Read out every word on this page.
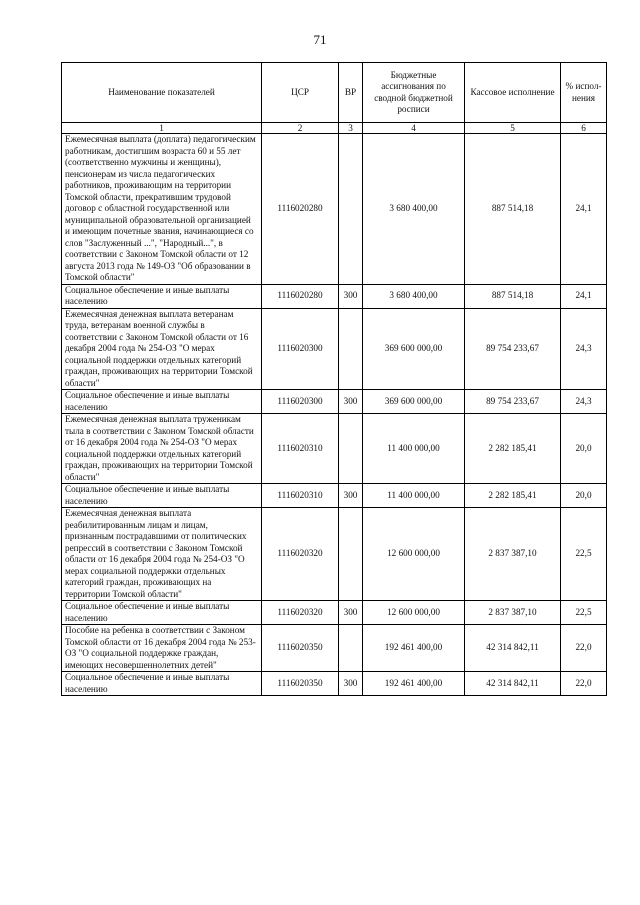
71
Наименование показателей	ЦСР	ВР	Бюджетные ассигнования по сводной бюджетной росписи	Кассовое исполнение	% испол-нения
1	2	3	4	5	6
Ежемесячная выплата (доплата) педагогическим работникам, достигшим возраста 60 и 55 лет (соответственно мужчины и женщины), пенсионерам из числа педагогических работников, проживающим на территории Томской области, прекратившим трудовой договор с областной государственной или муниципальной образовательной организацией и имеющим почетные звания, начинающиеся со слов "Заслуженный ...", "Народный...", в соответствии с Законом Томской области от 12 августа 2013 года № 149-ОЗ "Об образовании в Томской области"	1116020280		3 680 400,00	887 514,18	24,1
Социальное обеспечение и иные выплаты населению	1116020280	300	3 680 400,00	887 514,18	24,1
Ежемесячная денежная выплата ветеранам труда, ветеранам военной службы в соответствии с Законом Томской области от 16 декабря 2004 года № 254-ОЗ "О мерах социальной поддержки отдельных категорий граждан, проживающих на территории Томской области"	1116020300		369 600 000,00	89 754 233,67	24,3
Социальное обеспечение и иные выплаты населению	1116020300	300	369 600 000,00	89 754 233,67	24,3
Ежемесячная денежная выплата труженикам тыла в соответствии с Законом Томской области от 16 декабря 2004 года № 254-ОЗ "О мерах социальной поддержки отдельных категорий граждан, проживающих на территории Томской области"	1116020310		11 400 000,00	2 282 185,41	20,0
Социальное обеспечение и иные выплаты населению	1116020310	300	11 400 000,00	2 282 185,41	20,0
Ежемесячная денежная выплата реабилитированным лицам и лицам, признанным пострадавшими от политических репрессий в соответствии с Законом Томской области от 16 декабря 2004 года № 254-ОЗ "О мерах социальной поддержки отдельных категорий граждан, проживающих на территории Томской области"	1116020320		12 600 000,00	2 837 387,10	22,5
Социальное обеспечение и иные выплаты населению	1116020320	300	12 600 000,00	2 837 387,10	22,5
Пособие на ребенка в соответствии с Законом Томской области от 16 декабря 2004 года № 253-ОЗ "О социальной поддержке граждан, имеющих несовершеннолетних детей"	1116020350		192 461 400,00	42 314 842,11	22,0
Социальное обеспечение и иные выплаты населению	1116020350	300	192 461 400,00	42 314 842,11	22,0
